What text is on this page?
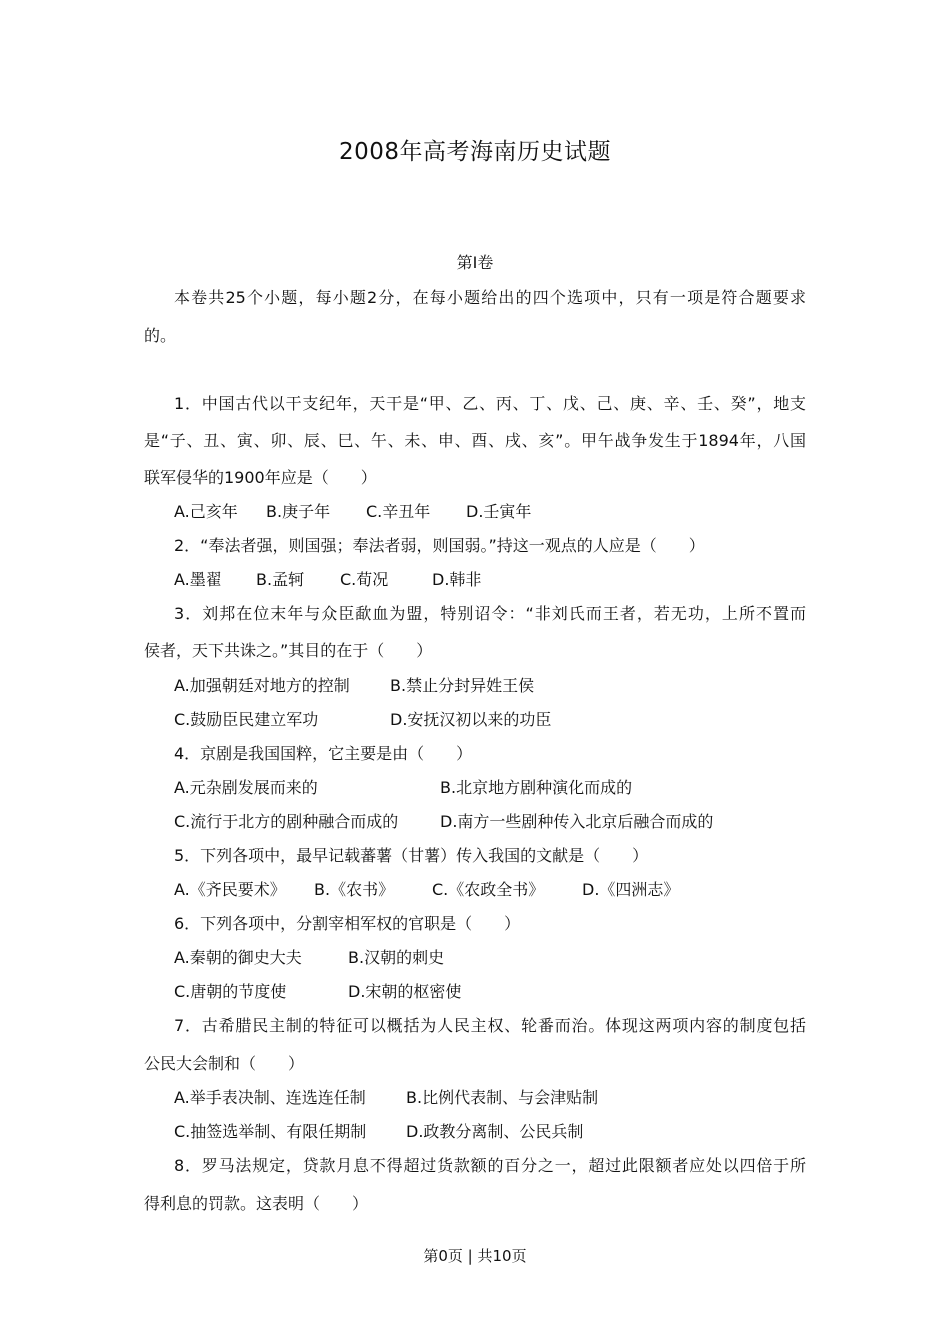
2008年高考海南历史试题
第Ⅰ卷
本卷共25个小题，每小题2分，在每小题给出的四个选项中，只有一项是符合题要求
的。
1．中国古代以干支纪年，天干是“甲、乙、丙、丁、戊、己、庚、辛、壬、癸”，地支
是“子、丑、寅、卯、辰、巳、午、未、申、酉、戌、亥”。甲午战争发生于1894年，八国
联军侵华的1900年应是（　　）
A.己亥年	B.庚子年	C.辛丑年	D.壬寅年
2．“奉法者强，则国强；奉法者弱，则国弱。”持这一观点的人应是（　　）
A.墨翟	B.孟轲	C.荀况	D.韩非
3．刘邦在位末年与众臣歃血为盟，特别诏令：“非刘氏而王者，若无功，上所不置而
侯者，天下共诛之。”其目的在于（　　）
A.加强朝廷对地方的控制	B.禁止分封异姓王侯
C.鼓励臣民建立军功	D.安抚汉初以来的功臣
4．京剧是我国国粹，它主要是由（　　）
A.元杂剧发展而来的	B.北京地方剧种演化而成的
C.流行于北方的剧种融合而成的	D.南方一些剧种传入北京后融合而成的
5．下列各项中，最早记载蕃薯（甘薯）传入我国的文献是（　　）
A.《齐民要术》	B.《农书》	C.《农政全书》	D.《四洲志》
6．下列各项中，分割宰相军权的官职是（　　）
A.秦朝的御史大夫	B.汉朝的刺史
C.唐朝的节度使	D.宋朝的枢密使
7．古希腊民主制的特征可以概括为人民主权、轮番而治。体现这两项内容的制度包括
公民大会制和（　　）
A.举手表决制、连选连任制	B.比例代表制、与会津贴制
C.抽签选举制、有限任期制	D.政教分离制、公民兵制
8．罗马法规定，贷款月息不得超过货款额的百分之一，超过此限额者应处以四倍于所
得利息的罚款。这表明（　　）
第0页 | 共10页
